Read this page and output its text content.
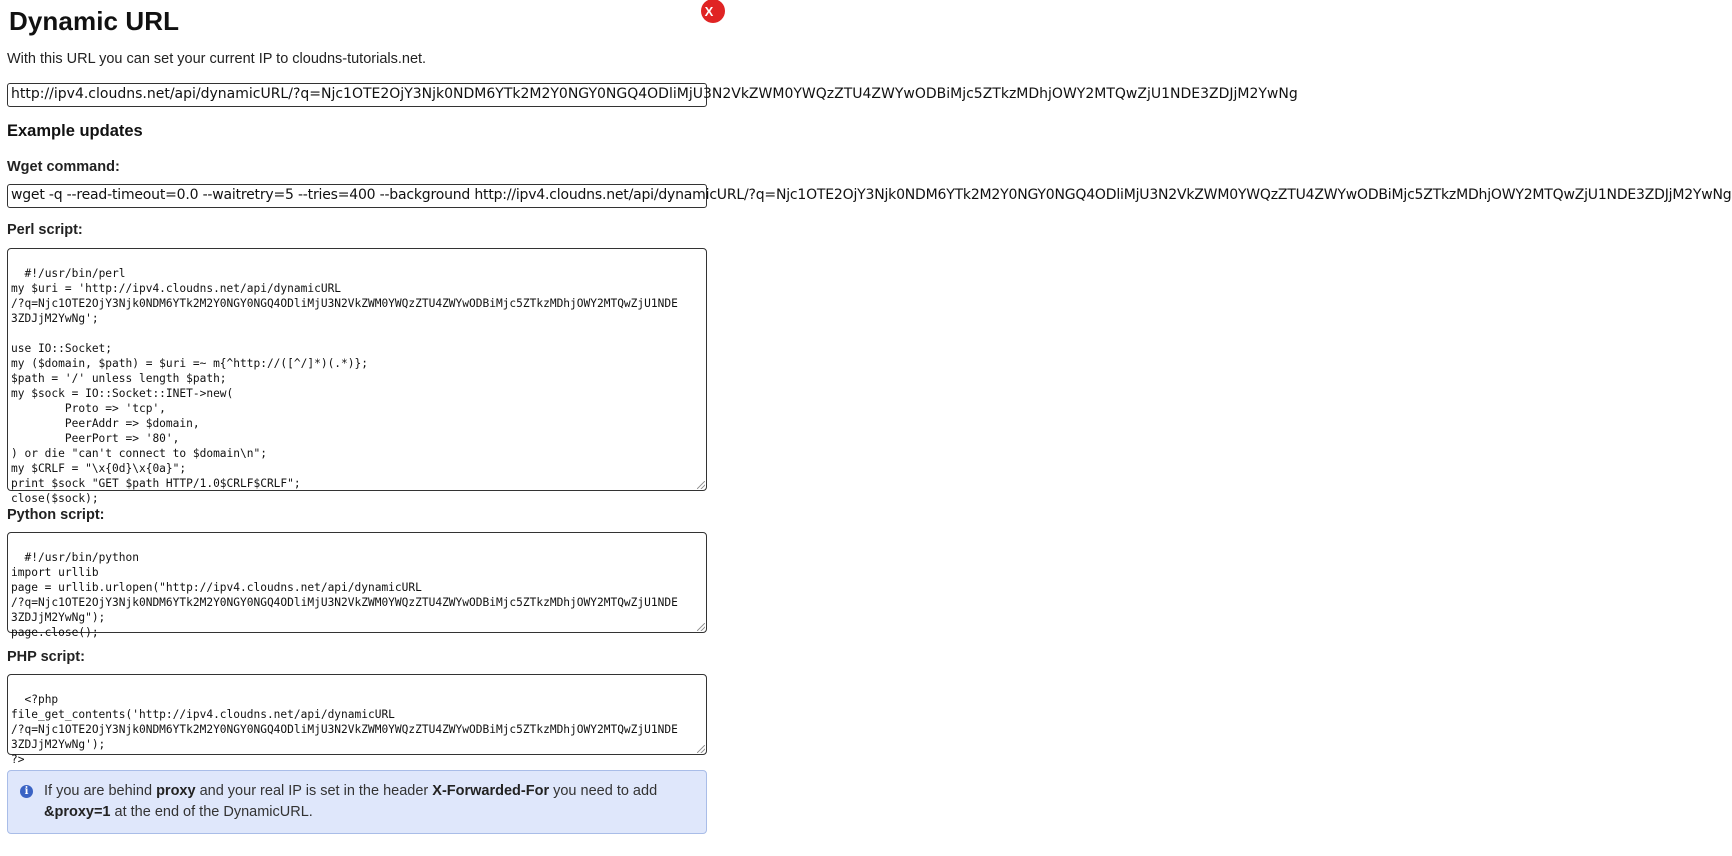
X
Dynamic URL
With this URL you can set your current IP to cloudns-tutorials.net.
http://ipv4.cloudns.net/api/dynamicURL/?q=Njc1OTE2OjY3Njk0NDM6YTk2M2Y0NGY0NGQ4ODliMjU3N2VkZWM0YWQzZTU4ZWYwODBiMjc5ZTkzMDhjOWY2MTQwZjU1NDE3ZDJjM2YwNg
Example updates
Wget command:
wget -q --read-timeout=0.0 --waitretry=5 --tries=400 --background http://ipv4.cloudns.net/api/dynamicURL/?q=Njc1OTE2OjY3Njk0NDM6YTk2M2Y0NGY0NGQ4ODliMjU3N2VkZWM0YWQzZTU4ZWYwODBiMjc5ZTkzMDhjOWY2MTQwZjU1NDE3ZDJjM2YwNg
Perl script:

#!/usr/bin/perl
my $uri = 'http://ipv4.cloudns.net/api/dynamicURL
/?q=Njc1OTE2OjY3Njk0NDM6YTk2M2Y0NGY0NGQ4ODliMjU3N2VkZWM0YWQzZTU4ZWYwODBiMjc5ZTkzMDhjOWY2MTQwZjU1NDE
3ZDJjM2YwNg';

use IO::Socket;
my ($domain, $path) = $uri =~ m{^http://([^/]*)(.*)};
$path = '/' unless length $path;
my $sock = IO::Socket::INET->new(
Proto => 'tcp',
PeerAddr => $domain,
PeerPort => '80',
) or die "can't connect to $domain\n";
my $CRLF = "\x{0d}\x{0a}";
print $sock "GET $path HTTP/1.0$CRLF$CRLF";
close($sock);

Python script:

#!/usr/bin/python
import urllib
page = urllib.urlopen("http://ipv4.cloudns.net/api/dynamicURL
/?q=Njc1OTE2OjY3Njk0NDM6YTk2M2Y0NGY0NGQ4ODliMjU3N2VkZWM0YWQzZTU4ZWYwODBiMjc5ZTkzMDhjOWY2MTQwZjU1NDE
3ZDJjM2YwNg");
page.close();

PHP script:

<?php
file_get_contents('http://ipv4.cloudns.net/api/dynamicURL
/?q=Njc1OTE2OjY3Njk0NDM6YTk2M2Y0NGY0NGQ4ODliMjU3N2VkZWM0YWQzZTU4ZWYwODBiMjc5ZTkzMDhjOWY2MTQwZjU1NDE
3ZDJjM2YwNg');
?>

i	If you are behind proxy and your real IP is set in the header X-Forwarded-For you need to add
&proxy=1 at the end of the DynamicURL.
